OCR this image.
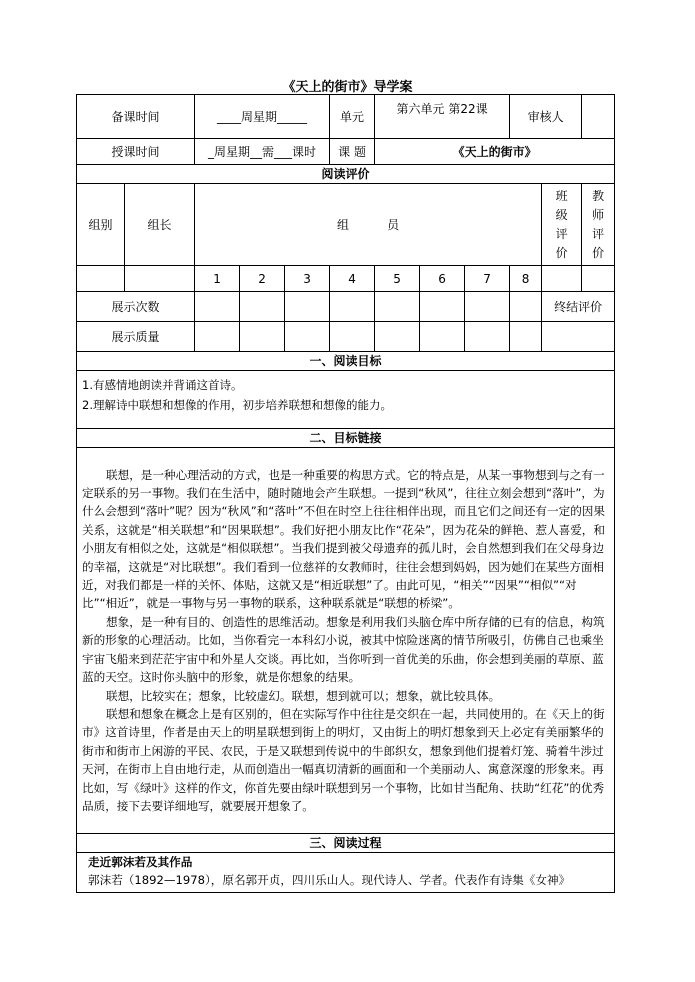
《天上的街市》导学案
备课时间		____周星期_____			单元	第六单元 第22课			审核人		
授课时间		_周星期__需___课时			课 题	《天上的街市》					
阅读评价											
组别	组长	组          员								班级评价	教师评价
		1	2	3	4	5	6	7	8		
展示次数										终结评价	
展示质量											
一、阅读目标											

1.有感情地朗读并背诵这首诗。
2.理解诗中联想和想像的作用，初步培养联想和想像的能力。											

二、目标链接											

联想，是一种心理活动的方式，也是一种重要的构思方式。它的特点是，从某一事物想到与之有一定联系的另一事物。我们在生活中，随时随地会产生联想。一提到“秋风”，往往立刻会想到“落叶”，为什么会想到“落叶”呢？因为“秋风”和“落叶”不但在时空上往往相伴出现，而且它们之间还有一定的因果关系，这就是“相关联想”和“因果联想”。我们好把小朋友比作“花朵”，因为花朵的鲜艳、惹人喜爱，和小朋友有相似之处，这就是“相似联想”。当我们提到被父母遗弃的孤儿时，会自然想到我们在父母身边的幸福，这就是“对比联想”。我们看到一位慈祥的女教师时，往往会想到妈妈，因为她们在某些方面相近，对我们都是一样的关怀、体贴，这就又是“相近联想”了。由此可见，“相关”“因果”“相似”“对比”“相近”，就是一事物与另一事物的联系，这种联系就是“联想的桥梁”。

想象，是一种有目的、创造性的思维活动。想象是利用我们头脑仓库中所存储的已有的信息，构筑新的形象的心理活动。比如，当你看完一本科幻小说，被其中惊险迷离的情节所吸引，仿佛自己也乘坐宇宙飞船来到茫茫宇宙中和外星人交谈。再比如，当你听到一首优美的乐曲，你会想到美丽的草原、蓝蓝的天空。这时你头脑中的形象，就是你想象的结果。

联想，比较实在；想象，比较虚幻。联想，想到就可以；想象，就比较具体。

联想和想象在概念上是有区别的，但在实际写作中往往是交织在一起，共同使用的。在《天上的街市》这首诗里，作者是由天上的明星联想到街上的明灯，又由街上的明灯想象到天上必定有美丽繁华的街市和街市上闲游的平民、农民，于是又联想到传说中的牛郎织女，想象到他们提着灯笼、骑着牛涉过天河，在街市上自由地行走，从而创造出一幅真切清新的画面和一个美丽动人、寓意深邃的形象来。再比如，写《绿叶》这样的作文，你首先要由绿叶联想到另一个事物，比如甘当配角、扶助“红花”的优秀品质，接下去要详细地写，就要展开想象了。											

三、阅读过程											

走近郭沫若及其作品
郭沫若（1892—1978），原名郭开贞，四川乐山人。现代诗人、学者。代表作有诗集《女神》											
